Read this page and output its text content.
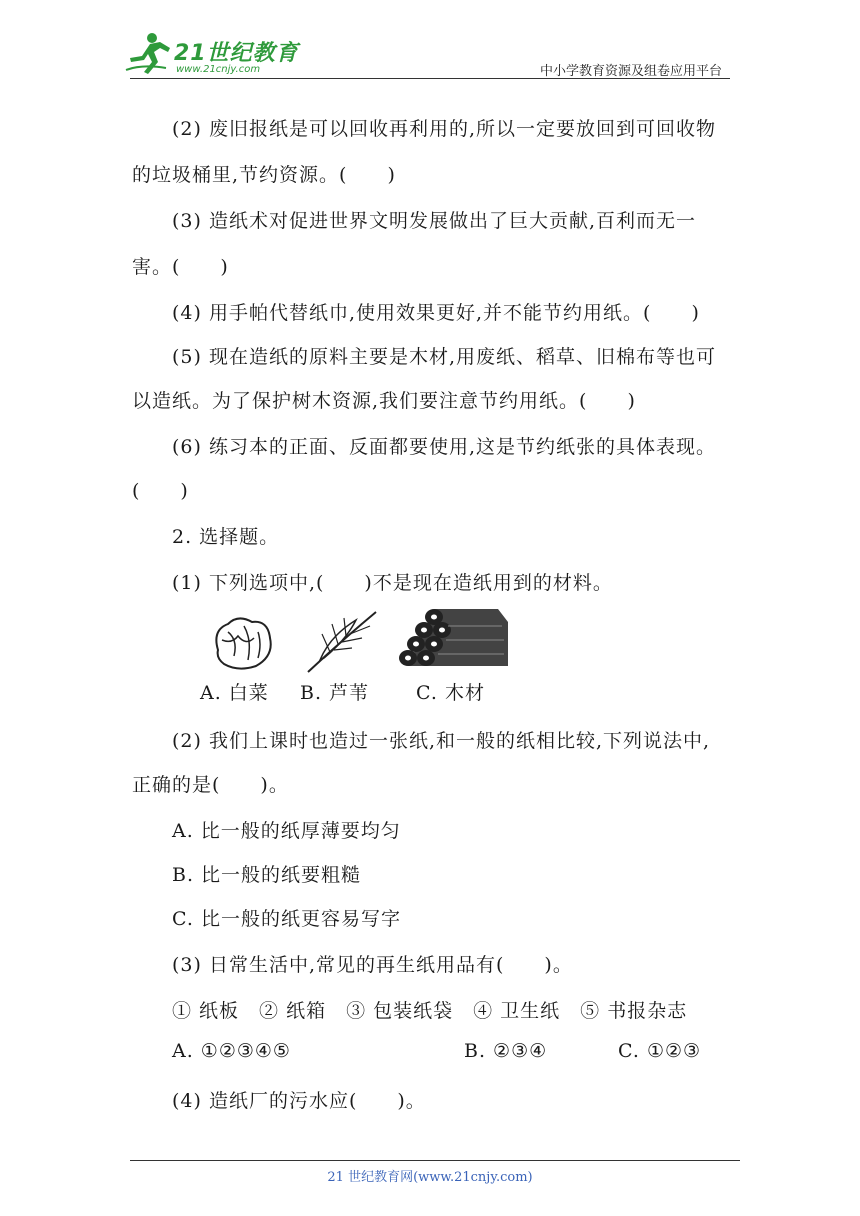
21世纪教育
www.21cnjy.com	中小学教育资源及组卷应用平台
(2) 废旧报纸是可以回收再利用的,所以一定要放回到可回收物
的垃圾桶里,节约资源。(　　)
(3) 造纸术对促进世界文明发展做出了巨大贡献,百利而无一
害。(　　)
(4) 用手帕代替纸巾,使用效果更好,并不能节约用纸。(　　)
(5) 现在造纸的原料主要是木材,用废纸、稻草、旧棉布等也可
以造纸。为了保护树木资源,我们要注意节约用纸。(　　)
(6) 练习本的正面、反面都要使用,这是节约纸张的具体表现。
(　　)
2. 选择题。
(1) 下列选项中,(　　)不是现在造纸用到的材料。
(2) 我们上课时也造过一张纸,和一般的纸相比较,下列说法中,
正确的是(　　)。
A. 比一般的纸厚薄要均匀
B. 比一般的纸要粗糙
C. 比一般的纸更容易写字
(3) 日常生活中,常见的再生纸用品有(　　)。
① 纸板　② 纸箱　③ 包装纸袋　④ 卫生纸　⑤ 书报杂志
A. ①②③④⑤	B. ②③④	C. ①②③
(4) 造纸厂的污水应(　　)。
A. 白菜 B. 芦苇 C. 木材
21 世纪教育网(www.21cnjy.com)
